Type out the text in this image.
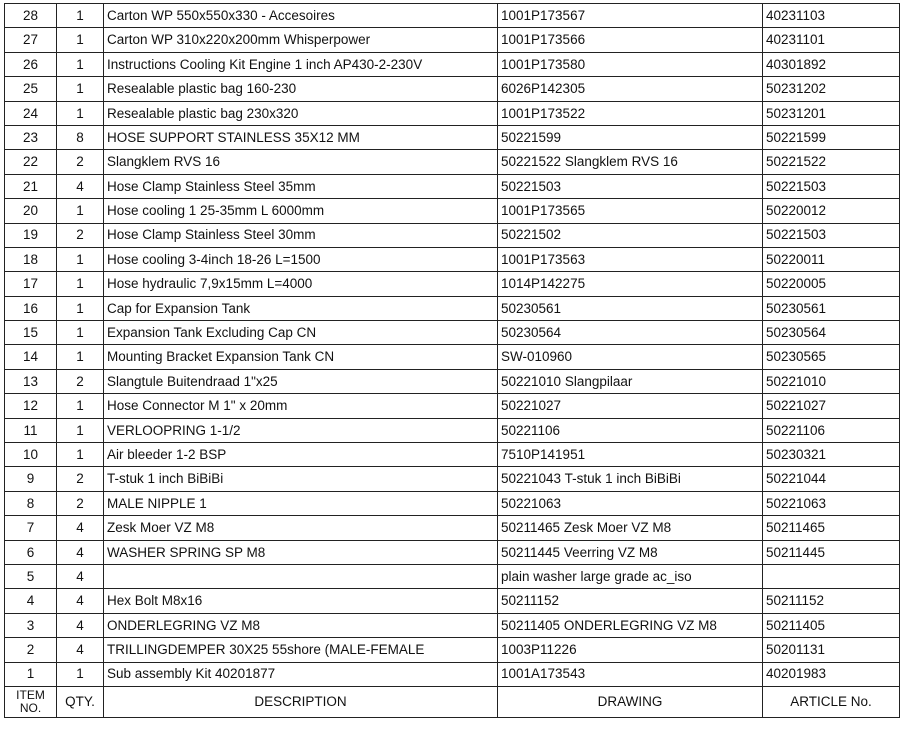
28	1	Carton WP 550x550x330 - Accesoires	1001P173567	40231103
27	1	Carton WP 310x220x200mm Whisperpower	1001P173566	40231101
26	1	Instructions Cooling Kit Engine 1 inch AP430-2-230V	1001P173580	40301892
25	1	Resealable plastic bag 160-230	6026P142305	50231202
24	1	Resealable plastic bag 230x320	1001P173522	50231201
23	8	HOSE SUPPORT STAINLESS 35X12 MM	50221599	50221599
22	2	Slangklem RVS 16	50221522 Slangklem RVS 16	50221522
21	4	Hose Clamp Stainless Steel 35mm	50221503	50221503
20	1	Hose cooling 1 25-35mm L 6000mm	1001P173565	50220012
19	2	Hose Clamp Stainless Steel 30mm	50221502	50221503
18	1	Hose cooling 3-4inch 18-26 L=1500	1001P173563	50220011
17	1	Hose hydraulic 7,9x15mm L=4000	1014P142275	50220005
16	1	Cap for Expansion Tank	50230561	50230561
15	1	Expansion Tank Excluding Cap CN	50230564	50230564
14	1	Mounting Bracket Expansion Tank CN	SW-010960	50230565
13	2	Slangtule Buitendraad 1"x25	50221010 Slangpilaar	50221010
12	1	Hose Connector M 1" x 20mm	50221027	50221027
11	1	VERLOOPRING 1-1/2	50221106	50221106
10	1	Air bleeder 1-2 BSP	7510P141951	50230321
9	2	T-stuk 1 inch BiBiBi	50221043 T-stuk 1 inch BiBiBi	50221044
8	2	MALE NIPPLE 1	50221063	50221063
7	4	Zesk Moer VZ M8	50211465 Zesk Moer VZ M8	50211465
6	4	WASHER SPRING SP M8	50211445 Veerring VZ M8	50211445
5	4		plain washer large grade ac_iso	
4	4	Hex Bolt M8x16	50211152	50211152
3	4	ONDERLEGRING VZ M8	50211405 ONDERLEGRING VZ M8	50211405
2	4	TRILLINGDEMPER 30X25 55shore (MALE-FEMALE	1003P11226	50201131
1	1	Sub assembly Kit 40201877	1001A173543	40201983
ITEM
NO.	QTY.	DESCRIPTION	DRAWING	ARTICLE No.
